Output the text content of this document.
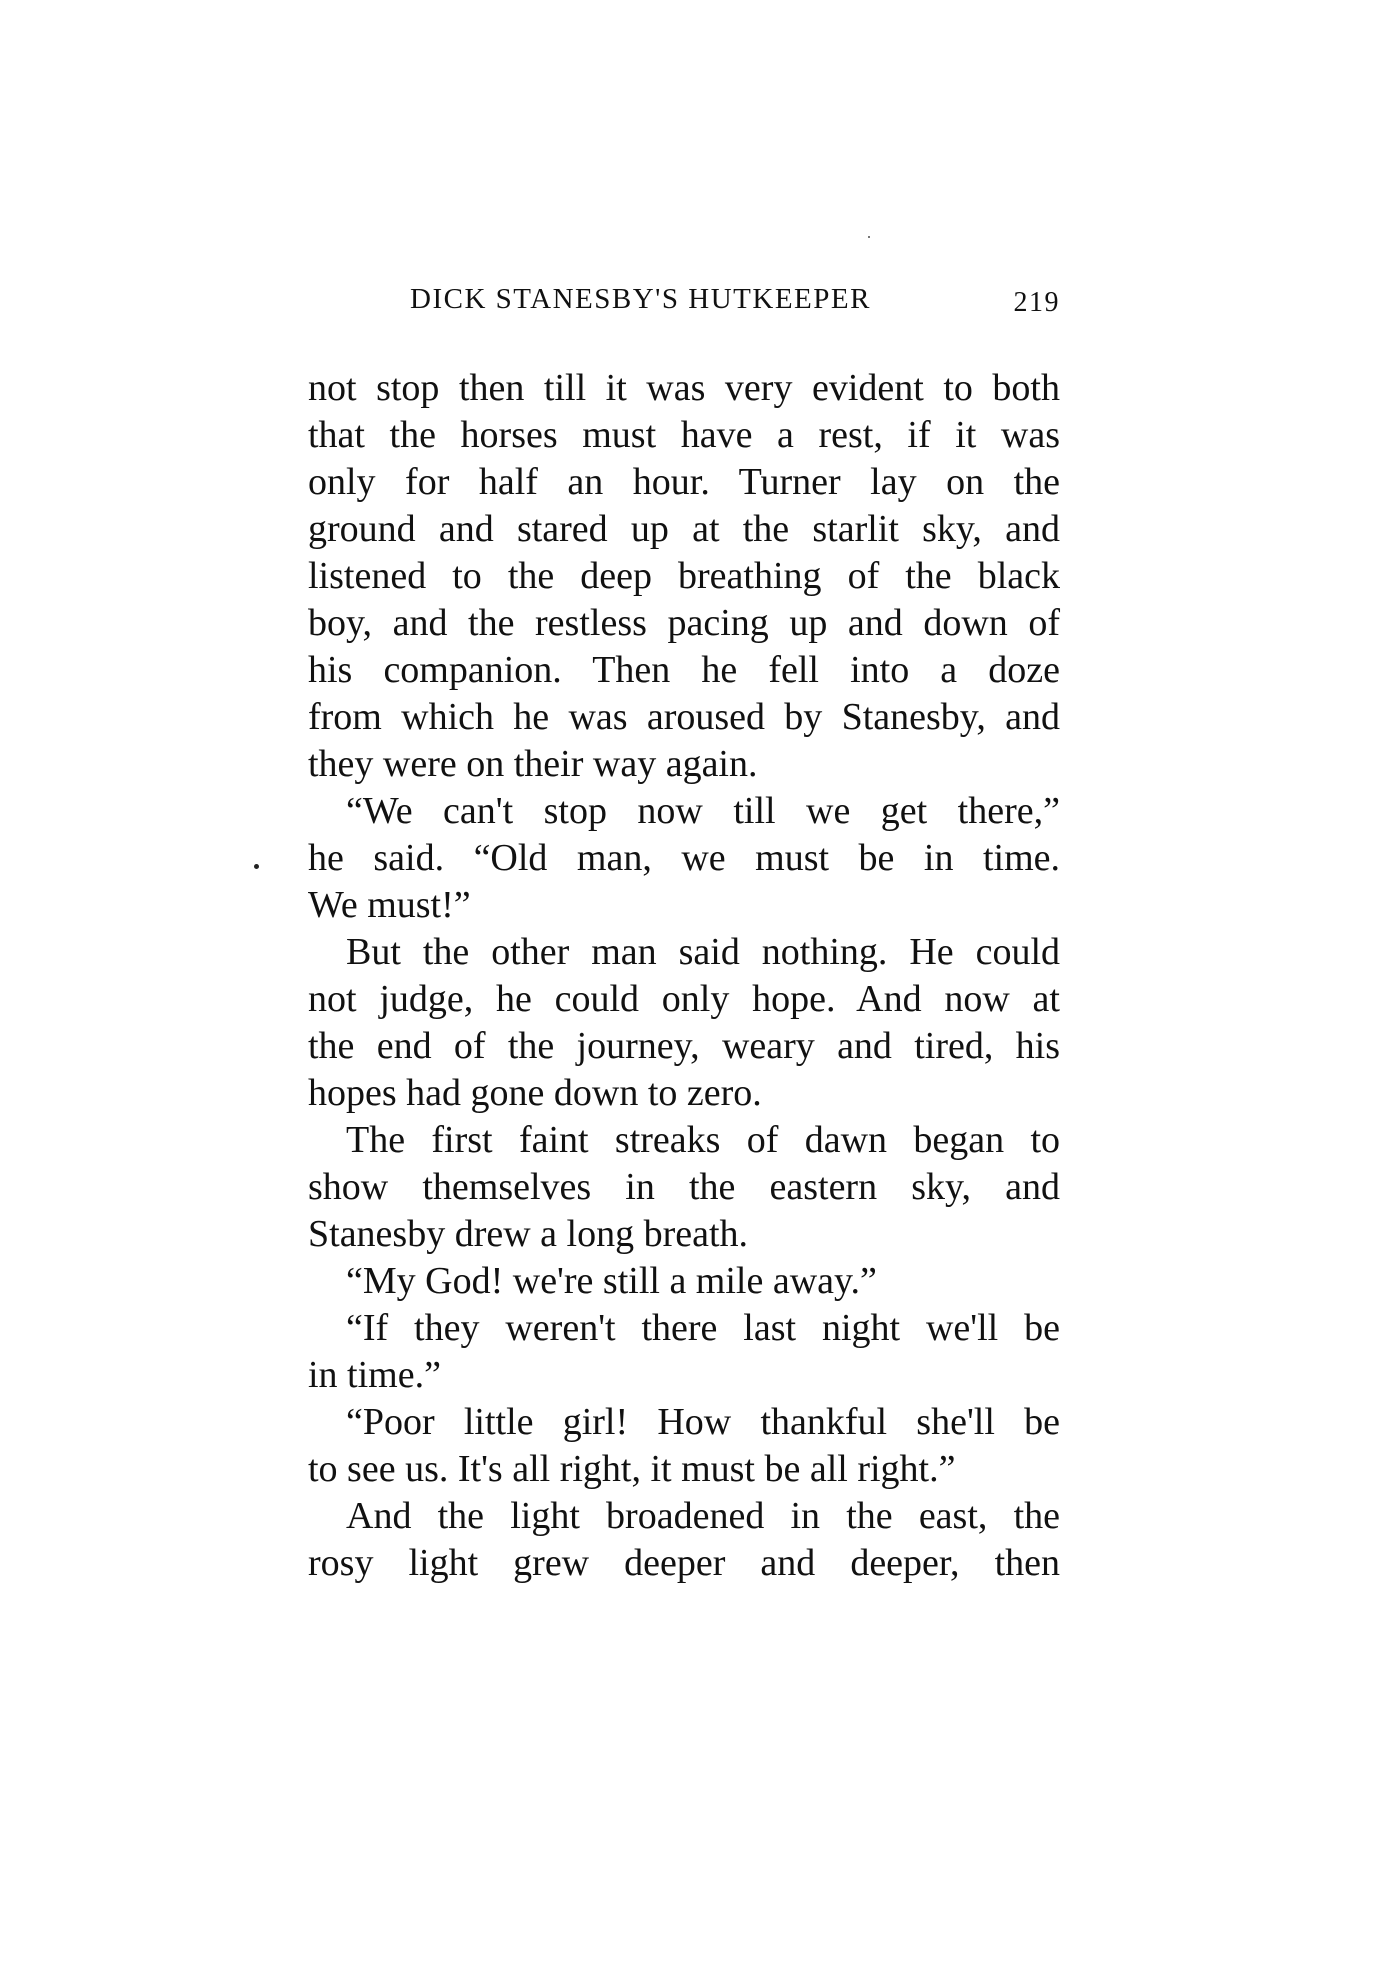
DICK STANESBY'S HUTKEEPER	219
not stop then till it was very evident to both
that the horses must have a rest, if it was
only for half an hour. Turner lay on the
ground and stared up at the starlit sky, and
listened to the deep breathing of the black
boy, and the restless pacing up and down of
his companion. Then he fell into a doze
from which he was aroused by Stanesby, and
they were on their way again.
“We can't stop now till we get there,”
he said. “Old man, we must be in time.
We must!”
But the other man said nothing. He could
not judge, he could only hope. And now at
the end of the journey, weary and tired, his
hopes had gone down to zero.
The first faint streaks of dawn began to
show themselves in the eastern sky, and
Stanesby drew a long breath.
“My God! we're still a mile away.”
“If they weren't there last night we'll be
in time.”
“Poor little girl! How thankful she'll be
to see us. It's all right, it must be all right.”
And the light broadened in the east, the
rosy light grew deeper and deeper, then
